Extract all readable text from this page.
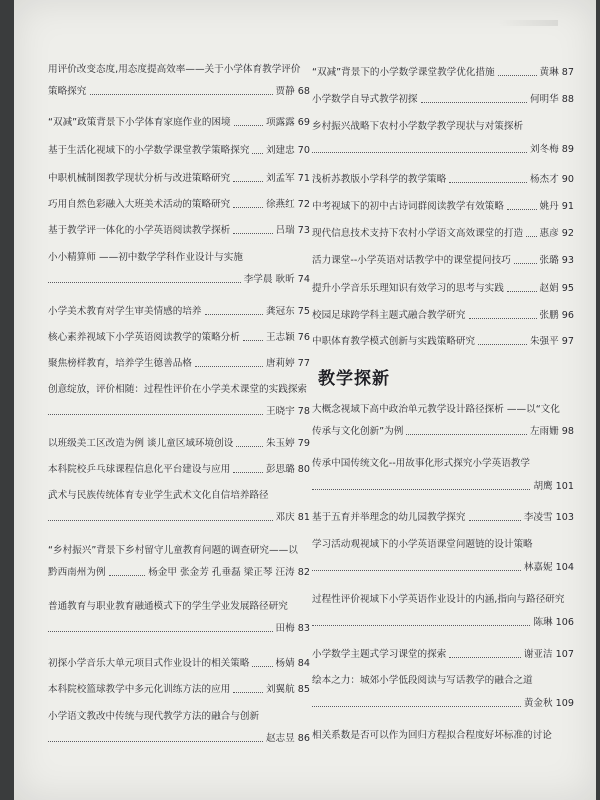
用评价改变态度,用态度提高效率——关于小学体育教学评价
策略探究	贾静 68
“双减”政策背景下小学体育家庭作业的困境	项露露 69
基于生活化视域下的小学数学课堂教学策略探究 刘建忠 70
中职机械制图教学现状分析与改进策略研究	刘孟军 71
巧用自然色彩融入大班美术活动的策略研究	徐燕红 72
基于教学评一体化的小学英语阅读教学探析	吕瑞 73
小小精算师 ——初中数学学科作业设计与实施
李学晨 耿昕 74
小学美术教育对学生审美情感的培养	龚冠东 75
核心素养视域下小学英语阅读教学的策略分析	王志颖 76
聚焦榜样教育，培养学生德善品格	唐莉婷 77
创意绽放，评价相随：过程性评价在小学美术课堂的实践探索
王晓宇 78
以班级美工区改造为例 谈儿童区域环境创设	朱玉婷 79
本科院校乒乓球课程信息化平台建设与应用	彭思璐 80
武术与民族传统体育专业学生武术文化自信培养路径
邓庆 81
“乡村振兴”背景下乡村留守儿童教育问题的调查研究——以
黔西南州为例	杨金甲 张金芳 孔垂磊 梁正琴 汪涛 82
普通教育与职业教育融通模式下的学生学业发展路径研究
田梅 83
初探小学音乐大单元项目式作业设计的相关策略	杨婧 84
本科院校篮球教学中多元化训练方法的应用	刘翼航 85
小学语文教改中传统与现代教学方法的融合与创新
赵志昱 86
“双减”背景下的小学数学课堂教学优化措施	黄琳 87
小学数学自导式教学初探	何明华 88
乡村振兴战略下农村小学数学教学现状与对策探析
刘冬梅 89
浅析苏教版小学科学的教学策略	杨杰才 90
中考视域下的初中古诗词群阅读教学有效策略	姚丹 91
现代信息技术支持下农村小学语文高效课堂的打造 惠彦 92
活力课堂--小学英语对话教学中的课堂提问技巧	张璐 93
提升小学音乐乐理知识有效学习的思考与实践	赵娟 95
校园足球跨学科主题式融合教学研究	张鹏 96
中职体育教学模式创新与实践策略研究	朱强平 97
教学探新
大概念视域下高中政治单元教学设计路径探析 ——以“文化
传承与文化创新”为例	左雨姗 98
传承中国传统文化--用故事化形式探究小学英语教学
胡鹰 101
基于五育并举理念的幼儿园教学探究	李凌雪 103
学习活动观视域下的小学英语课堂问题链的设计策略
林嘉妮 104
过程性评价视域下小学英语作业设计的内涵,指向与路径研究
陈琳 106
小学数学主题式学习课堂的探索	谢亚洁 107
绘本之力：城郊小学低段阅读与写话教学的融合之道
黄金秋 109
相关系数是否可以作为回归方程拟合程度好坏标准的讨论
